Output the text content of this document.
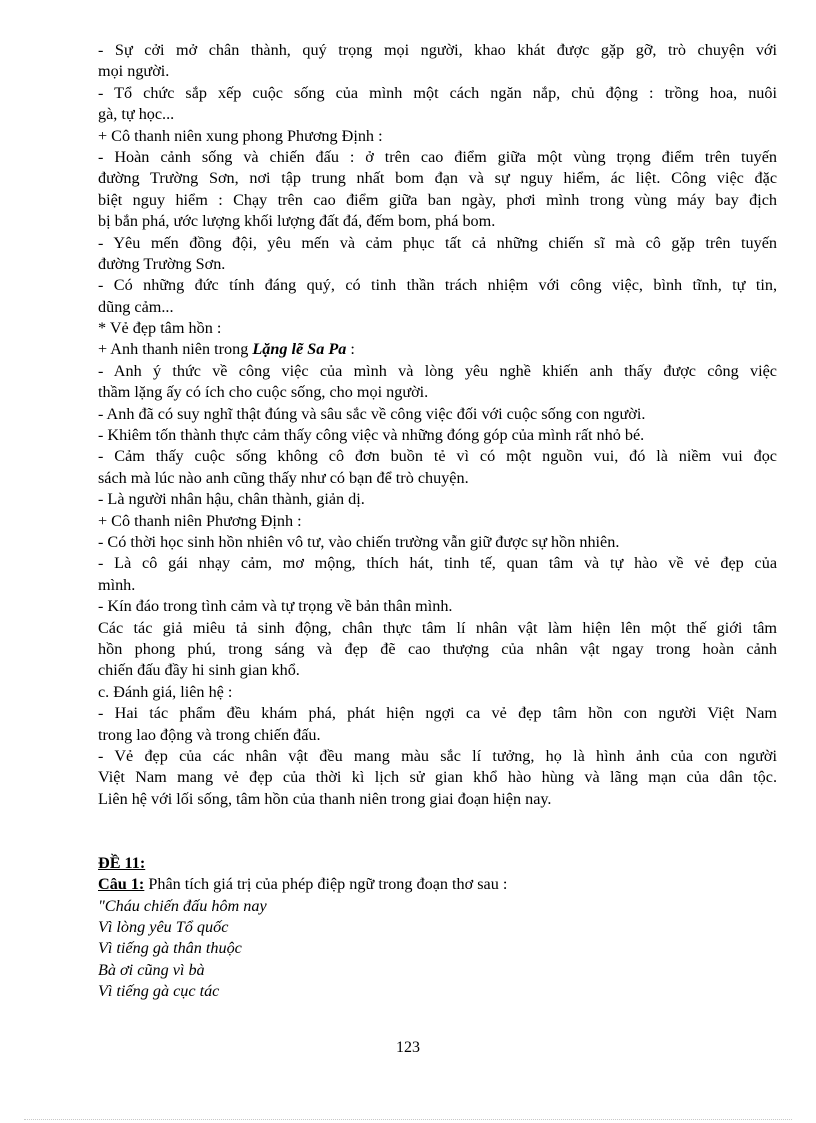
- Sự cởi mở chân thành, quý trọng mọi người, khao khát được gặp gỡ, trò chuyện với
mọi người.
- Tổ chức sắp xếp cuộc sống của mình một cách ngăn nắp, chủ động : trồng hoa, nuôi
gà, tự học...
+ Cô thanh niên xung phong Phương Định :
- Hoàn cảnh sống và chiến đấu : ở trên cao điểm giữa một vùng trọng điểm trên tuyến
đường Trường Sơn, nơi tập trung nhất bom đạn và sự nguy hiểm, ác liệt. Công việc đặc
biệt nguy hiểm : Chạy trên cao điểm giữa ban ngày, phơi mình trong vùng máy bay địch
bị bắn phá, ước lượng khối lượng đất đá, đếm bom, phá bom.
- Yêu mến đồng đội, yêu mến và cảm phục tất cả những chiến sĩ mà cô gặp trên tuyến
đường Trường Sơn.
- Có những đức tính đáng quý, có tinh thần trách nhiệm với công việc, bình tĩnh, tự tin,
dũng cảm...
* Vẻ đẹp tâm hồn :
+ Anh thanh niên trong Lặng lẽ Sa Pa :
- Anh ý thức về công việc của mình và lòng yêu nghề khiến anh thấy được công việc
thầm lặng ấy có ích cho cuộc sống, cho mọi người.
- Anh đã có suy nghĩ thật đúng và sâu sắc về công việc đối với cuộc sống con người.
- Khiêm tốn thành thực cảm thấy công việc và những đóng góp của mình rất nhỏ bé.
- Cảm thấy cuộc sống không cô đơn buồn tẻ vì có một nguồn vui, đó là niềm vui đọc
sách mà lúc nào anh cũng thấy như có bạn để trò chuyện.
- Là người nhân hậu, chân thành, giản dị.
+ Cô thanh niên Phương Định :
- Có thời học sinh hồn nhiên vô tư, vào chiến trường vẫn giữ được sự hồn nhiên.
- Là cô gái nhạy cảm, mơ mộng, thích hát, tinh tế, quan tâm và tự hào về vẻ đẹp của
mình.
- Kín đáo trong tình cảm và tự trọng về bản thân mình.
Các tác giả miêu tả sinh động, chân thực tâm lí nhân vật làm hiện lên một thế giới tâm
hồn phong phú, trong sáng và đẹp đẽ cao thượng của nhân vật ngay trong hoàn cảnh
chiến đấu đầy hi sinh gian khổ.
c. Đánh giá, liên hệ :
- Hai tác phẩm đều khám phá, phát hiện ngợi ca vẻ đẹp tâm hồn con người Việt Nam
trong lao động và trong chiến đấu.
- Vẻ đẹp của các nhân vật đều mang màu sắc lí tưởng, họ là hình ảnh của con người
Việt Nam mang vẻ đẹp của thời kì lịch sử gian khổ hào hùng và lãng mạn của dân tộc.
Liên hệ với lối sống, tâm hồn của thanh niên trong giai đoạn hiện nay.
ĐỀ 11:
Câu 1: Phân tích giá trị của phép điệp ngữ trong đoạn thơ sau :
"Cháu chiến đấu hôm nay
Vì lòng yêu Tổ quốc
Vì tiếng gà thân thuộc
Bà ơi cũng vì bà
Vì tiếng gà cục tác
123
